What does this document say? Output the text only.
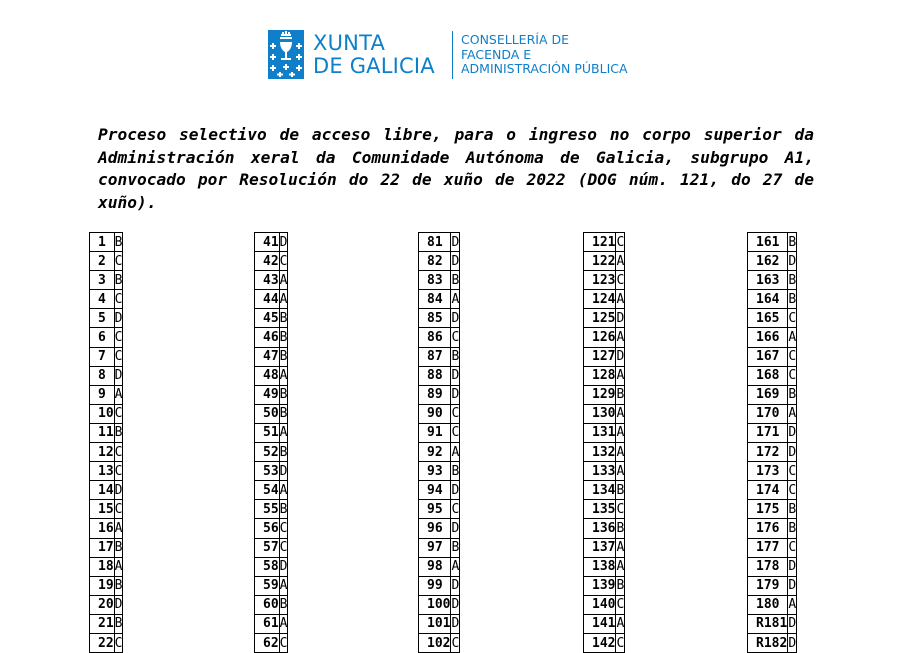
XUNTA
DE GALICIA
CONSELLERÍA DE
FACENDA E
ADMINISTRACIÓN PÚBLICA

Proceso selectivo de acceso libre, para o ingreso no corpo superior da Administración xeral da Comunidade Autónoma de Galicia, subgrupo A1, convocado por Resolución do 22 de xuño de 2022 (DOG núm. 121, do 27 de xuño).

1	B
2	C
3	B
4	C
5	D
6	C
7	C
8	D
9	A
10	C
11	B
12	C
13	C
14	D
15	C
16	A
17	B
18	A
19	B
20	D
21	B
22	C
41	D
42	C
43	A
44	A
45	B
46	B
47	B
48	A
49	B
50	B
51	A
52	B
53	D
54	A
55	B
56	C
57	C
58	D
59	A
60	B
61	A
62	C
81	D
82	D
83	B
84	A
85	D
86	C
87	B
88	D
89	D
90	C
91	C
92	A
93	B
94	D
95	C
96	D
97	B
98	A
99	D
100	D
101	D
102	C
121	C
122	A
123	C
124	A
125	D
126	A
127	D
128	A
129	B
130	A
131	A
132	A
133	A
134	B
135	C
136	B
137	A
138	A
139	B
140	C
141	A
142	C
161	B
162	D
163	B
164	B
165	C
166	A
167	C
168	C
169	B
170	A
171	D
172	D
173	C
174	C
175	B
176	B
177	C
178	D
179	D
180	A
R181	D
R182	D
